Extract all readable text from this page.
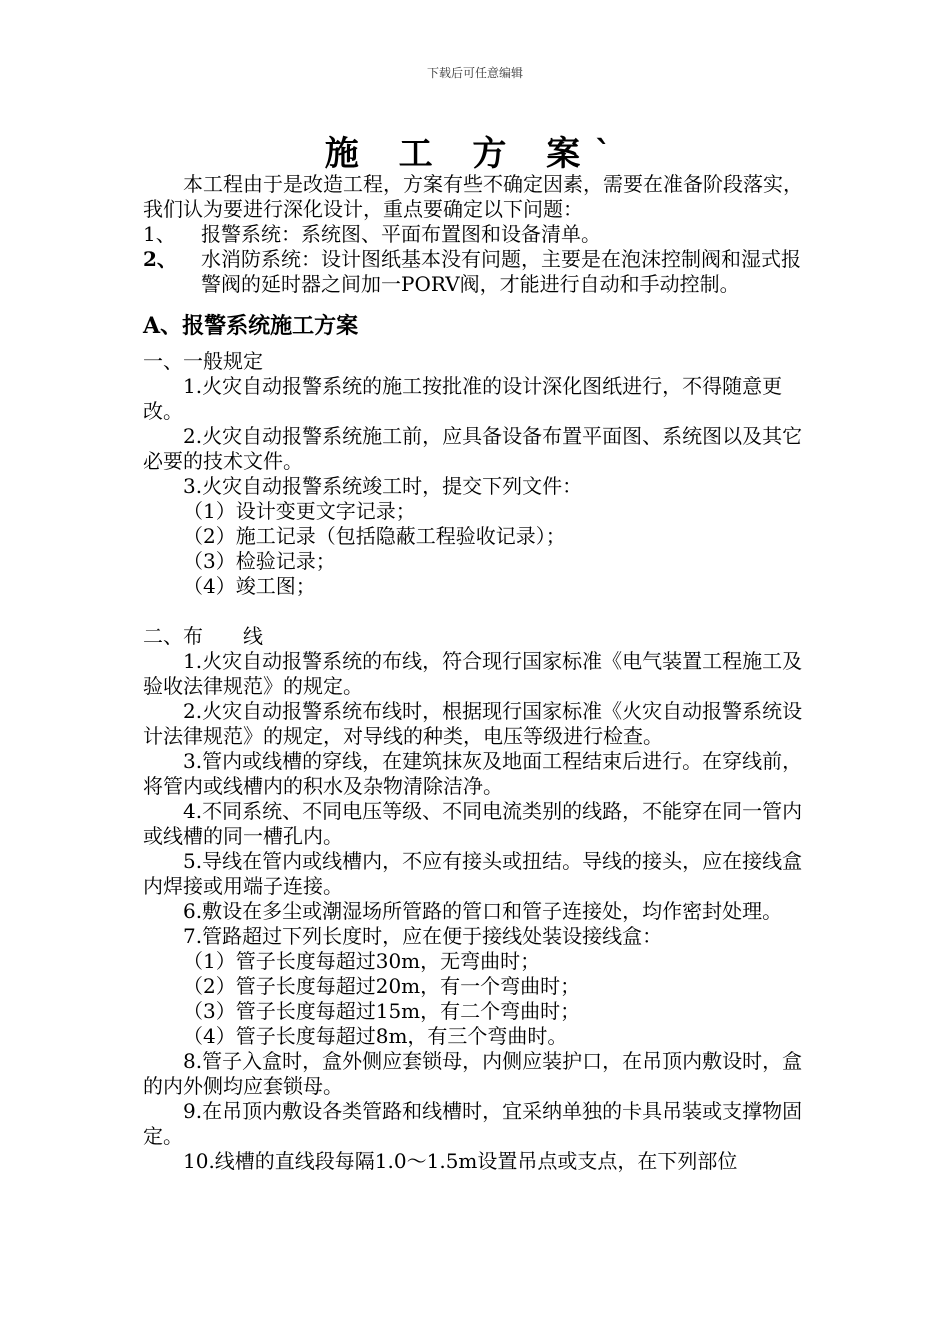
下载后可任意编辑
施 工 方 案`

本工程由于是改造工程，方案有些不确定因素，需要在准备阶段落实，我们认为要进行深化设计，重点要确定以下问题：

1、	报警系统：系统图、平面布置图和设备清单。
2、	水消防系统：设计图纸基本没有问题，主要是在泡沫控制阀和湿式报警阀的延时器之间加一PORV阀，才能进行自动和手动控制。
A、报警系统施工方案

一、一般规定

1.火灾自动报警系统的施工按批准的设计深化图纸进行，不得随意更改。

2.火灾自动报警系统施工前，应具备设备布置平面图、系统图以及其它必要的技术文件。

3.火灾自动报警系统竣工时，提交下列文件：

（1）设计变更文字记录；

（2）施工记录（包括隐蔽工程验收记录）；

（3）检验记录；

（4）竣工图；

二、布　　线

1.火灾自动报警系统的布线，符合现行国家标准《电气装置工程施工及验收法律规范》的规定。

2.火灾自动报警系统布线时，根据现行国家标准《火灾自动报警系统设计法律规范》的规定，对导线的种类，电压等级进行检查。

3.管内或线槽的穿线，在建筑抹灰及地面工程结束后进行。在穿线前，将管内或线槽内的积水及杂物清除洁净。

4.不同系统、不同电压等级、不同电流类别的线路，不能穿在同一管内或线槽的同一槽孔内。

5.导线在管内或线槽内，不应有接头或扭结。导线的接头，应在接线盒内焊接或用端子连接。

6.敷设在多尘或潮湿场所管路的管口和管子连接处，均作密封处理。

7.管路超过下列长度时，应在便于接线处装设接线盒：

（1）管子长度每超过30m，无弯曲时；

（2）管子长度每超过20m，有一个弯曲时；

（3）管子长度每超过15m，有二个弯曲时；

（4）管子长度每超过8m，有三个弯曲时。

8.管子入盒时，盒外侧应套锁母，内侧应装护口，在吊顶内敷设时，盒的内外侧均应套锁母。

9.在吊顶内敷设各类管路和线槽时，宜采纳单独的卡具吊装或支撑物固定。

10.线槽的直线段每隔1.0～1.5m设置吊点或支点，在下列部位
